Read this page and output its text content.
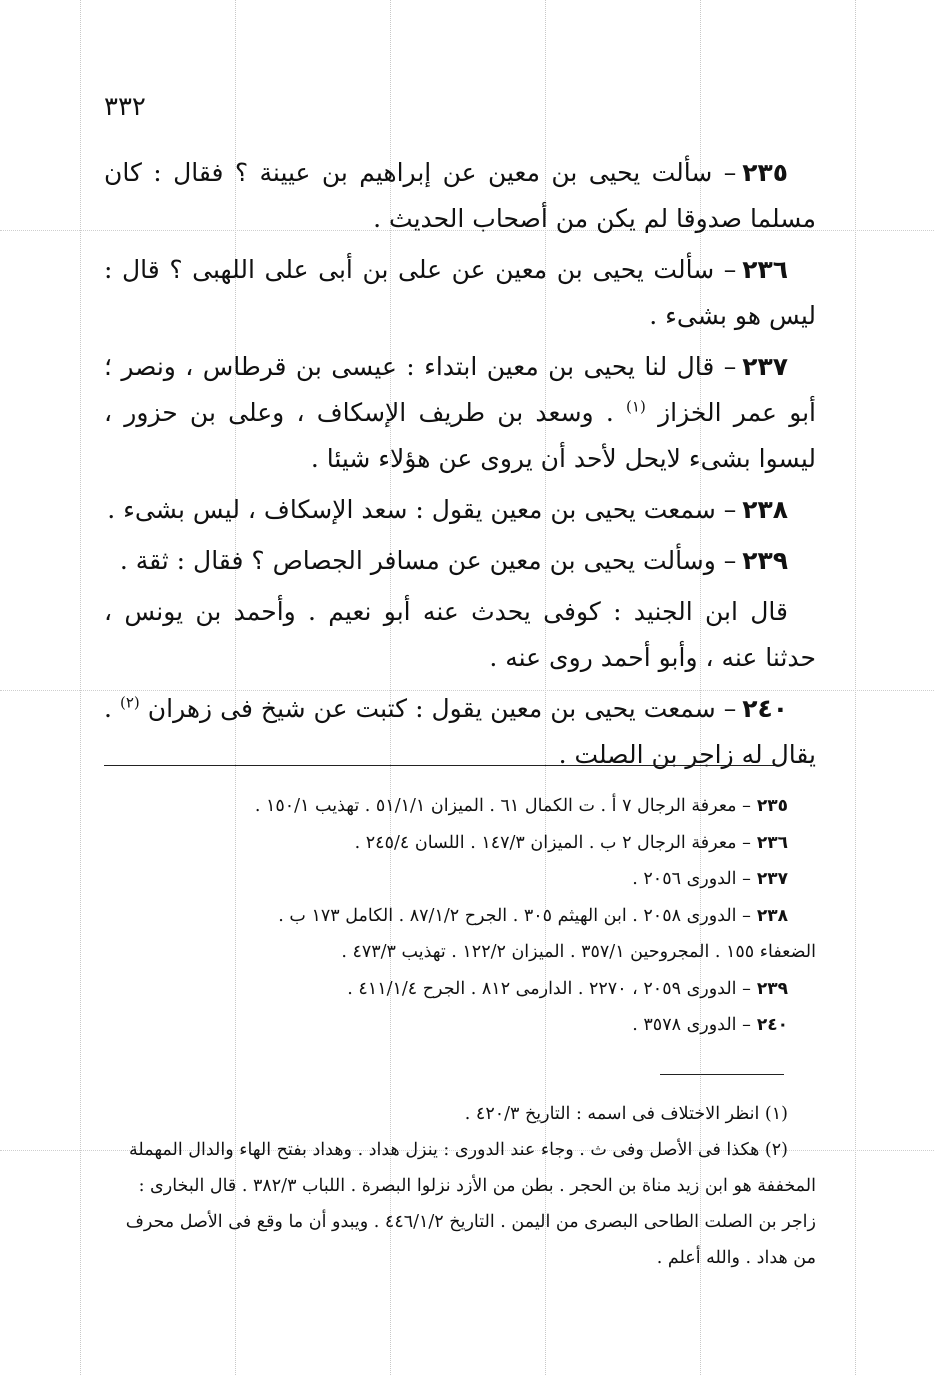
٣٣٢

٢٣٥– سألت يحيى بن معين عن إبراهيم بن عيينة ؟ فقال : كان مسلما صدوقا لم يكن من أصحاب الحديث .

٢٣٦– سألت يحيى بن معين عن على بن أبى على اللهبى ؟ قال : ليس هو بشىء .

٢٣٧– قال لنا يحيى بن معين ابتداء : عيسى بن قرطاس ، ونصر ؛ أبو عمر الخزاز $^{(١)}$ . وسعد بن طريف الإسكاف ، وعلى بن حزور ، ليسوا بشىء لايحل لأحد أن يروى عن هؤلاء شيئا .

٢٣٨– سمعت يحيى بن معين يقول : سعد الإسكاف ، ليس بشىء .

٢٣٩– وسألت يحيى بن معين عن مسافر الجصاص ؟ فقال : ثقة .

قال ابن الجنيد : كوفى يحدث عنه أبو نعيم . وأحمد بن يونس ، حدثنا عنه ، وأبو أحمد روى عنه .

٢٤٠– سمعت يحيى بن معين يقول : كتبت عن شيخ فى زهران $^{(٢)}$ . يقال له زاجر بن الصلت .

٢٣٥– معرفة الرجال ٧ أ . ت الكمال ٦١ . الميزان ٥١/١/١ . تهذيب ١٥٠/١ .

٢٣٦– معرفة الرجال ٢ ب . الميزان ١٤٧/٣ . اللسان ٢٤٥/٤ .

٢٣٧– الدورى ٢٠٥٦ .

٢٣٨– الدورى ٢٠٥٨ . ابن الهيثم ٣٠٥ . الجرح ٨٧/١/٢ . الكامل ١٧٣ ب .

الضعفاء ١٥٥ . المجروحين ٣٥٧/١ . الميزان ١٢٢/٢ . تهذيب ٤٧٣/٣ .

٢٣٩– الدورى ٢٠٥٩ ، ٢٢٧٠ . الدارمى ٨١٢ . الجرح ٤١١/١/٤ .

٢٤٠– الدورى ٣٥٧٨ .

(١) انظر الاختلاف فى اسمه : التاريخ ٤٢٠/٣ .

(٢) هكذا فى الأصل وفى ث . وجاء عند الدورى : ينزل هداد . وهداد بفتح الهاء والدال المهملة المخففة هو ابن زيد مناة بن الحجر . بطن من الأزد نزلوا البصرة . اللباب ٣٨٢/٣ . قال البخارى : زاجر بن الصلت الطاحى البصرى من اليمن . التاريخ ٤٤٦/١/٢ . ويبدو أن ما وقع فى الأصل محرف من هداد . والله أعلم .
